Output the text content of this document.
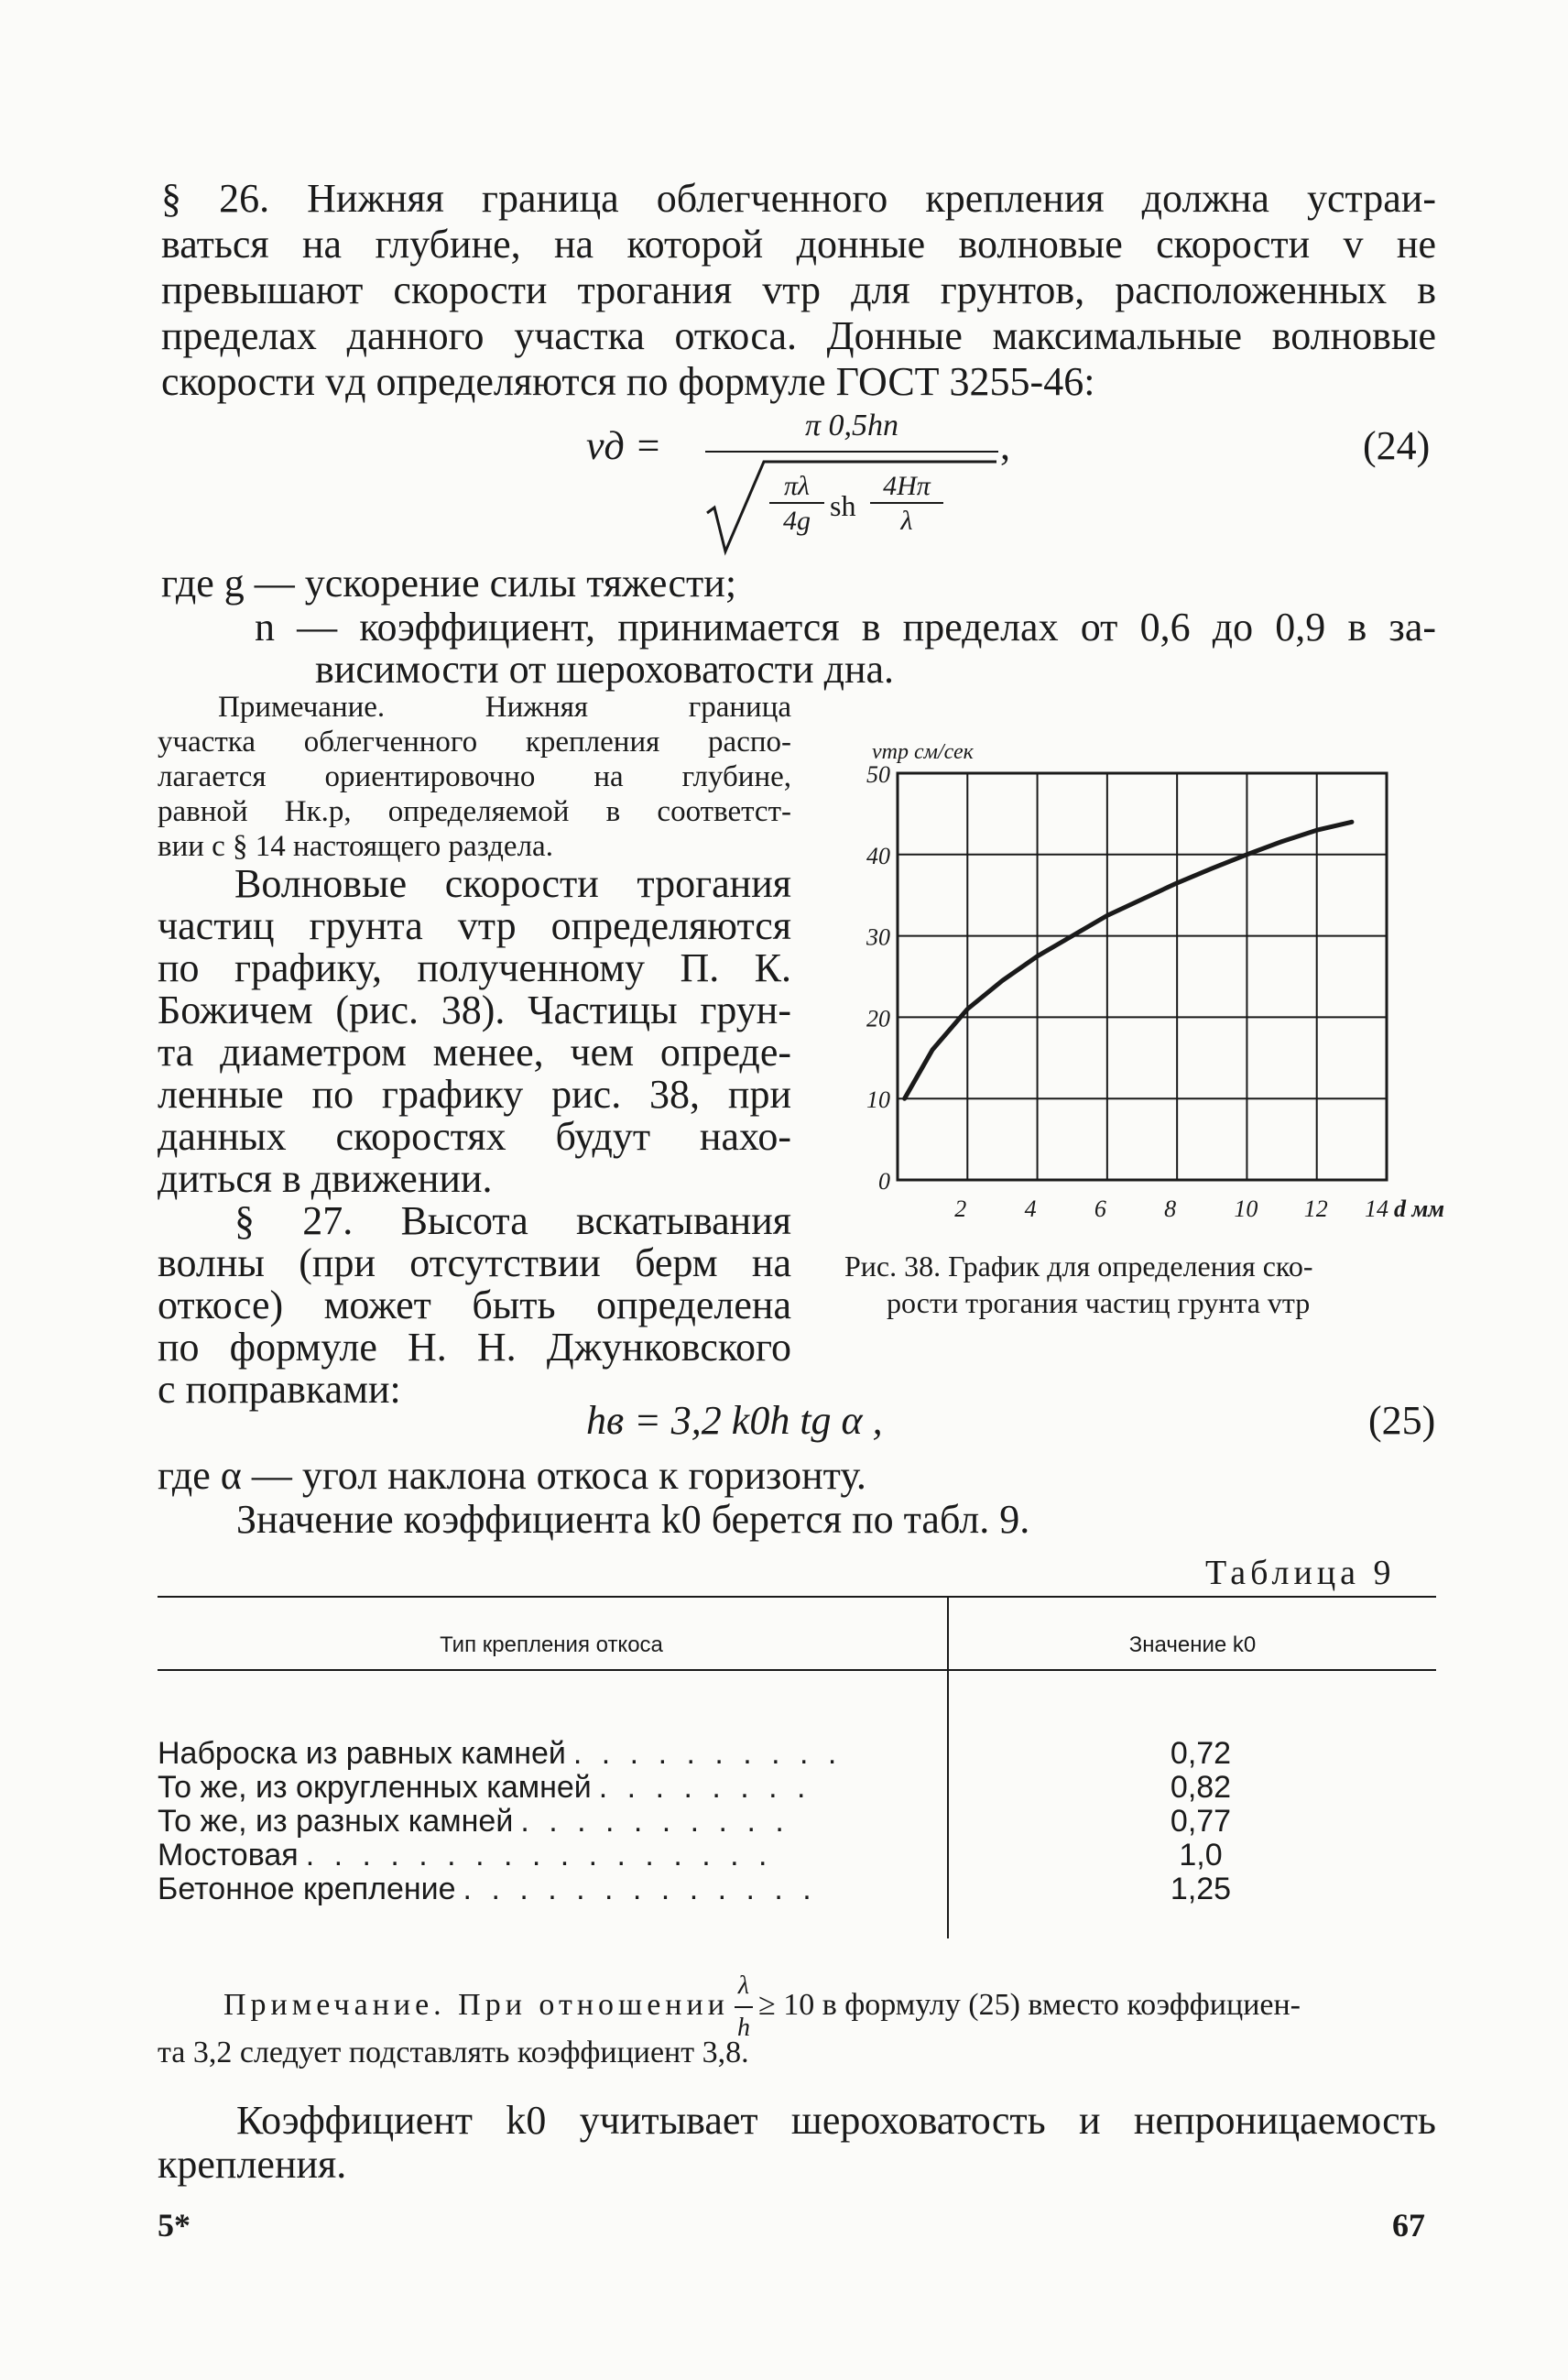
§ 26. Нижняя граница облегченного крепления должна устраи-
ваться на глубине, на которой донные волновые скорости v не
превышают скорости трогания vтр для грунтов, расположенных в
пределах данного участка откоса. Донные максимальные волновые
скорости vд определяются по формуле ГОСТ 3255-46:
vд =	π 0,5hn
πλ
4g sh
4Hπ
λ
,	(24)
где g — ускорение силы тяжести;
n — коэффициент, принимается в пределах от 0,6 до 0,9 в за-
висимости от шероховатости дна.
Примечание. Нижняя граница
участка облегченного крепления распо-
лагается ориентировочно на глубине,
равной Hк.р, определяемой в соответст-
вии с § 14 настоящего раздела.
Волновые скорости трогания
частиц грунта vтр определяются
по графику, полученному П. К.
Божичем (рис. 38). Частицы грун-
та диаметром менее, чем опреде-
ленные по графику рис. 38, при
данных скоростях будут нахо-
диться в движении.
§ 27. Высота вскатывания
волны (при отсутствии берм на
откосе) может быть определена
по формуле Н. Н. Джунковского
с поправками:
0
10
20
30
40
50
2 4 6 8 10 12 14
vтр см/сек
d мм
Рис. 38. График для определения ско-
рости трогания частиц грунта vтр
hв = 3,2 k0h tg α ,	(25)
где α — угол наклона откоса к горизонту.
Значение коэффициента k0 берется по табл. 9.
Таблица 9
Тип крепления откоса	Значение k0
Наброска из равных камней . . . . . . . . . .	0,72
То же, из округленных камней . . . . . . . .	0,82
То же, из разных камней . . . . . . . . . .	0,77
Мостовая . . . . . . . . . . . . . . . . .	1,0
Бетонное крепление . . . . . . . . . . . . .	1,25
Примечание. При отношении $\frac{\lambda}{h} \ge 10$ в формулу (25) вместо коэффициен-
та 3,2 следует подставлять коэффициент 3,8.
Коэффициент k0 учитывает шероховатость и непроницаемость
крепления.
5*	67
